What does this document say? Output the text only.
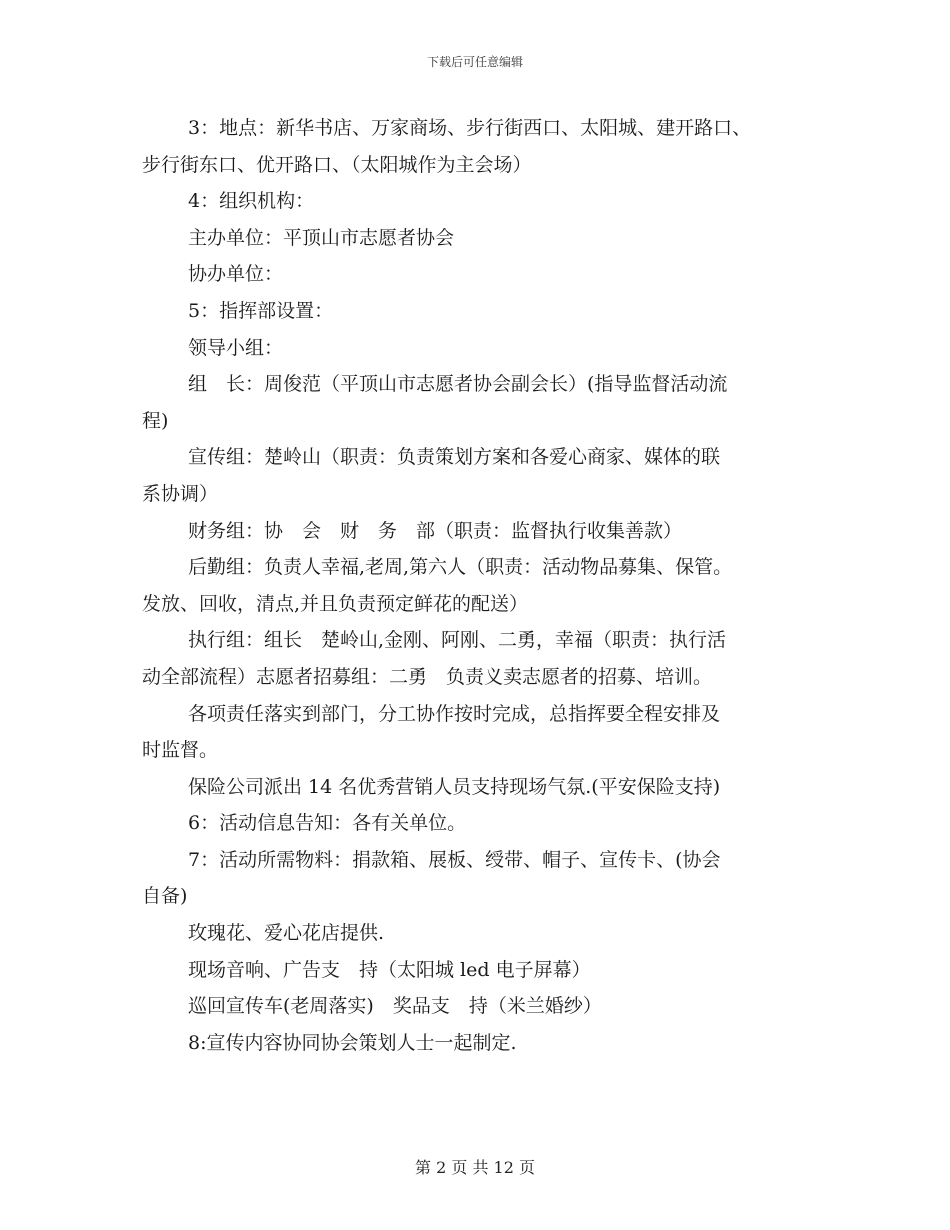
下载后可任意编辑

3：地点：新华书店、万家商场、步行街西口、太阳城、建开路口、
步行街东口、优开路口、（太阳城作为主会场）

4：组织机构：

主办单位：平顶山市志愿者协会

协办单位：

5：指挥部设置：

领导小组：

组　长：周俊范（平顶山市志愿者协会副会长）(指导监督活动流
程)

宣传组：楚岭山（职责：负责策划方案和各爱心商家、媒体的联
系协调）

财务组：协　会　财　务　部（职责：监督执行收集善款）

后勤组：负责人幸福,老周,第六人（职责：活动物品募集、保管。
发放、回收，清点,并且负责预定鲜花的配送）

执行组：组长　楚岭山,金刚、阿刚、二勇，幸福（职责：执行活
动全部流程）志愿者招募组：二勇　负责义卖志愿者的招募、培训。

各项责任落实到部门，分工协作按时完成，总指挥要全程安排及
时监督。

保险公司派出 14 名优秀营销人员支持现场气氛.(平安保险支持)

6：活动信息告知：各有关单位。

7：活动所需物料：捐款箱、展板、绶带、帽子、宣传卡、(协会
自备)

玫瑰花、爱心花店提供.

现场音响、广告支　持（太阳城 led 电子屏幕）

巡回宣传车(老周落实)　奖品支　持（米兰婚纱）

8:宣传内容协同协会策划人士一起制定.

第 2 页 共 12 页
